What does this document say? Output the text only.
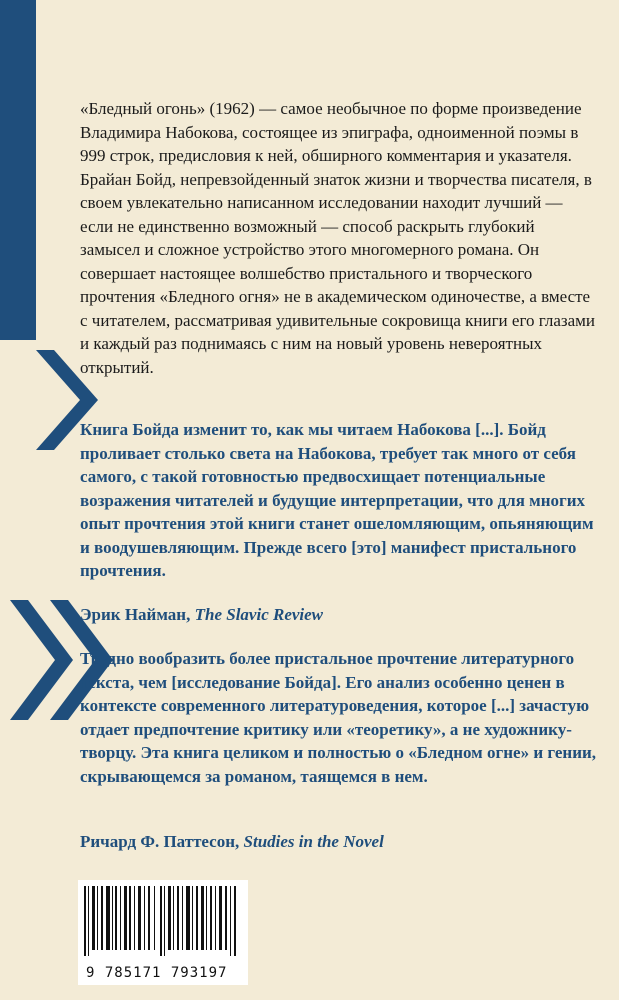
«Бледный огонь» (1962) — самое необычное по форме произведение Владимира Набокова, состоящее из эпиграфа, одноименной поэмы в 999 строк, предисловия к ней, обширного комментария и указателя. Брайан Бойд, непревзойденный знаток жизни и творчества писателя, в своем увлекательно написанном исследовании находит лучший — если не единственно возможный — способ раскрыть глубокий замысел и сложное устройство этого многомерного романа. Он совершает настоящее волшебство пристального и творческого прочтения «Бледного огня» не в академическом одиночестве, а вместе с читателем, рассматривая удивительные сокровища книги его глазами и каждый раз поднимаясь с ним на новый уровень невероятных открытий.
Книга Бойда изменит то, как мы читаем Набокова [...]. Бойд проливает столько света на Набокова, требует так много от себя самого, с такой готовностью предвосхищает потенциальные возражения читателей и будущие интерпретации, что для многих опыт прочтения этой книги станет ошеломляющим, опьяняющим и воодушевляющим. Прежде всего [это] манифест пристального прочтения.
Эрик Найман, The Slavic Review
Трудно вообразить более пристальное прочтение литературного текста, чем [исследование Бойда]. Его анализ особенно ценен в контексте современного литературоведения, которое [...] зачастую отдает предпочтение критику или «теоретику», а не художнику-творцу. Эта книга целиком и полностью о «Бледном огне» и гении, скрывающемся за романом, таящемся в нем.
Ричард Ф. Паттесон, Studies in the Novel
9 785171 793197
